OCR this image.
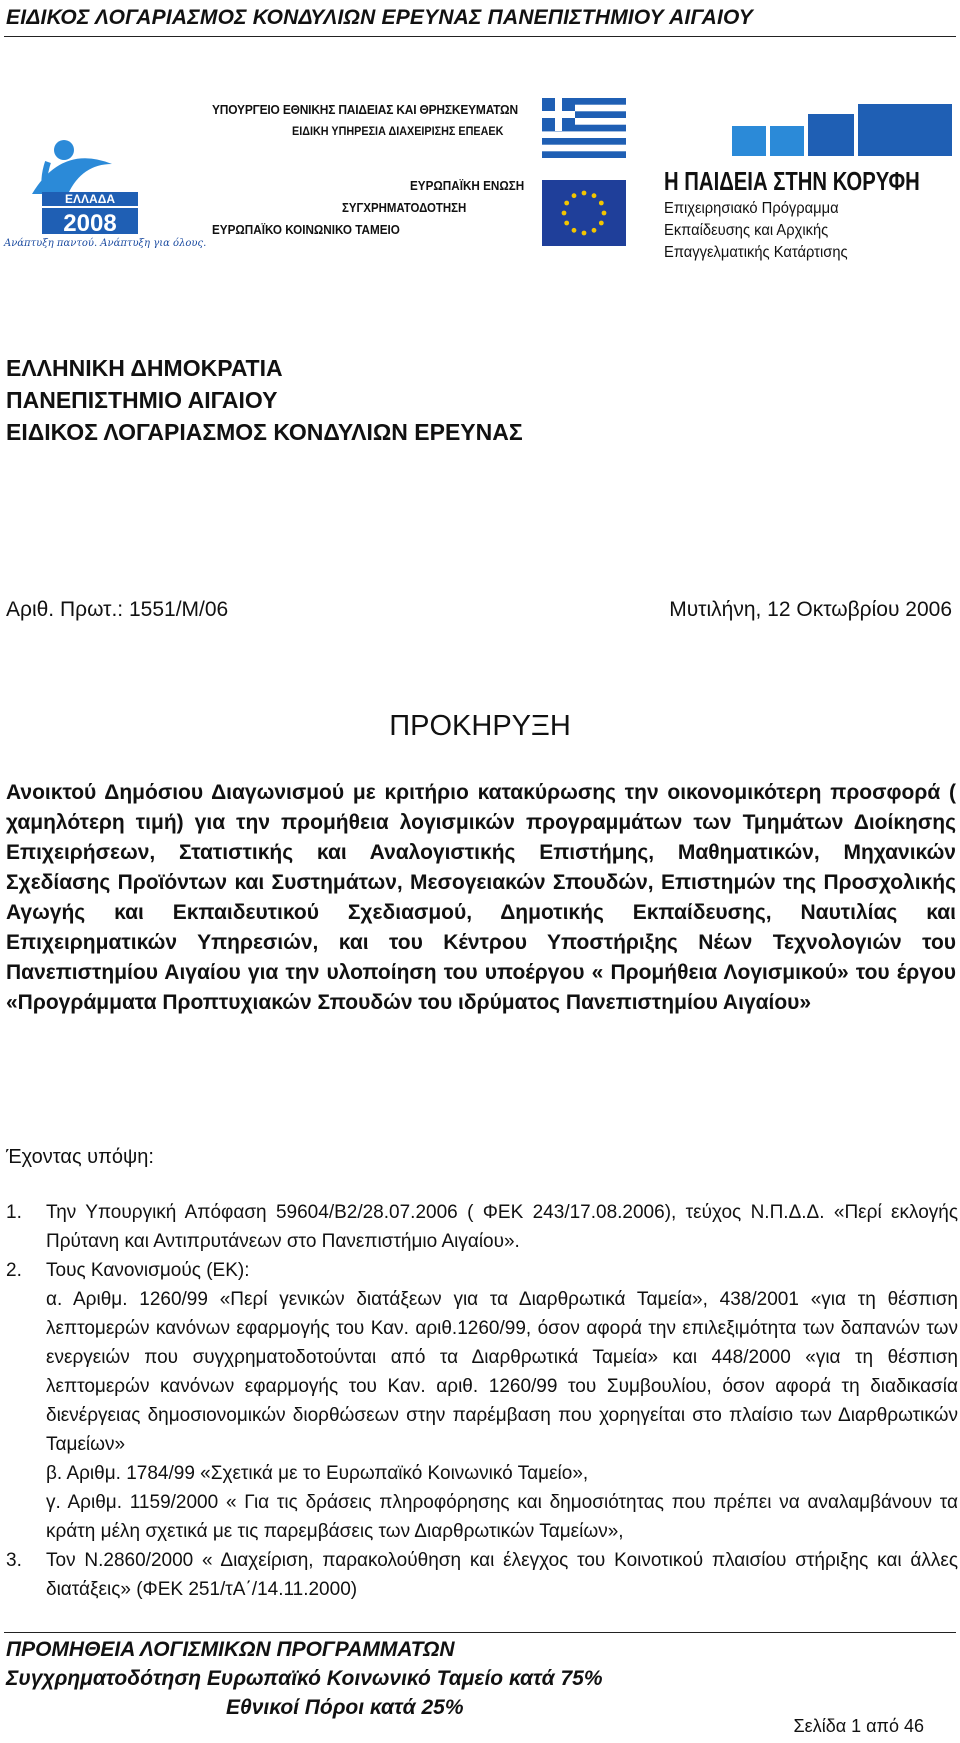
ΕΙΔΙΚΟΣ ΛΟΓΑΡΙΑΣΜΟΣ ΚΟΝΔΥΛΙΩΝ ΕΡΕΥΝΑΣ ΠΑΝΕΠΙΣΤΗΜΙΟΥ ΑΙΓΑΙΟΥ
ΕΛΛΑΔΑ
2008
Ανάπτυξη παντού. Ανάπτυξη για όλους.
ΥΠΟΥΡΓΕΙΟ ΕΘΝΙΚΗΣ ΠΑΙΔΕΙΑΣ ΚΑΙ ΘΡΗΣΚΕΥΜΑΤΩΝ
ΕΙΔΙΚΗ ΥΠΗΡΕΣΙΑ ΔΙΑΧΕΙΡΙΣΗΣ ΕΠΕΑΕΚ
ΕΥΡΩΠΑΪΚΗ ΕΝΩΣΗ
ΣΥΓΧΡΗΜΑΤΟΔΟΤΗΣΗ
ΕΥΡΩΠΑΪΚΟ ΚΟΙΝΩΝΙΚΟ ΤΑΜΕΙΟ
Η ΠΑΙΔΕΙΑ ΣΤΗΝ ΚΟΡΥΦΗ
Επιχειρησιακό Πρόγραμμα
Εκπαίδευσης και Αρχικής
Επαγγελματικής Κατάρτισης
ΕΛΛΗΝΙΚΗ ΔΗΜΟΚΡΑΤΙΑ
ΠΑΝΕΠΙΣΤΗΜΙΟ ΑΙΓΑΙΟΥ
ΕΙΔΙΚΟΣ ΛΟΓΑΡΙΑΣΜΟΣ ΚΟΝΔΥΛΙΩΝ ΕΡΕΥΝΑΣ
Αριθ. Πρωτ.: 1551/Μ/06	Μυτιλήνη, 12 Οκτωβρίου 2006
ΠΡΟΚΗΡΥΞΗ
Ανοικτού Δημόσιου Διαγωνισμού με κριτήριο κατακύρωσης την οικονομικότερη προσφορά ( χαμηλότερη τιμή) για την προμήθεια λογισμικών προγραμμάτων των Τμημάτων Διοίκησης Επιχειρήσεων, Στατιστικής και Αναλογιστικής Επιστήμης, Μαθηματικών, Μηχανικών Σχεδίασης Προϊόντων και Συστημάτων, Μεσογειακών Σπουδών, Επιστημών της Προσχολικής Αγωγής και Εκπαιδευτικού Σχεδιασμού, Δημοτικής Εκπαίδευσης, Ναυτιλίας και Επιχειρηματικών Υπηρεσιών, και του Κέντρου Υποστήριξης Νέων Τεχνολογιών του Πανεπιστημίου Αιγαίου για την υλοποίηση του υποέργου « Προμήθεια Λογισμικού» του έργου «Προγράμματα Προπτυχιακών Σπουδών του ιδρύματος Πανεπιστημίου Αιγαίου»
Έχοντας υπόψη:
1. Την Υπουργική Απόφαση 59604/Β2/28.07.2006 ( ΦΕΚ 243/17.08.2006), τεύχος Ν.Π.Δ.Δ. «Περί εκλογής Πρύτανη και Αντιπρυτάνεων στο Πανεπιστήμιο Αιγαίου».
2. Τους Κανονισμούς (ΕΚ):
α. Αριθμ. 1260/99 «Περί γενικών διατάξεων για τα Διαρθρωτικά Ταμεία», 438/2001 «για τη θέσπιση λεπτομερών κανόνων εφαρμογής του Καν. αριθ.1260/99, όσον αφορά την επιλεξιμότητα των δαπανών των ενεργειών που συγχρηματοδοτούνται από τα Διαρθρωτικά Ταμεία» και 448/2000 «για τη θέσπιση λεπτομερών κανόνων εφαρμογής του Καν. αριθ. 1260/99 του Συμβουλίου, όσον αφορά τη διαδικασία διενέργειας δημοσιονομικών διορθώσεων στην παρέμβαση που χορηγείται στο πλαίσιο των Διαρθρωτικών Ταμείων»
β. Αριθμ. 1784/99 «Σχετικά με το Ευρωπαϊκό Κοινωνικό Ταμείο»,
γ. Αριθμ. 1159/2000 « Για τις δράσεις πληροφόρησης και δημοσιότητας που πρέπει να αναλαμβάνουν τα κράτη μέλη σχετικά με τις παρεμβάσεις των Διαρθρωτικών Ταμείων»,
3. Τον Ν.2860/2000 « Διαχείριση, παρακολούθηση και έλεγχος του Κοινοτικού πλαισίου στήριξης και άλλες διατάξεις» (ΦΕΚ 251/τΑ΄/14.11.2000)
ΠΡΟΜΗΘΕΙΑ ΛΟΓΙΣΜΙΚΩΝ ΠΡΟΓΡΑΜΜΑΤΩΝ
Συγχρηματοδότηση Ευρωπαϊκό Κοινωνικό Ταμείο κατά 75%
Εθνικοί Πόροι κατά 25%
Σελίδα 1 από 46
